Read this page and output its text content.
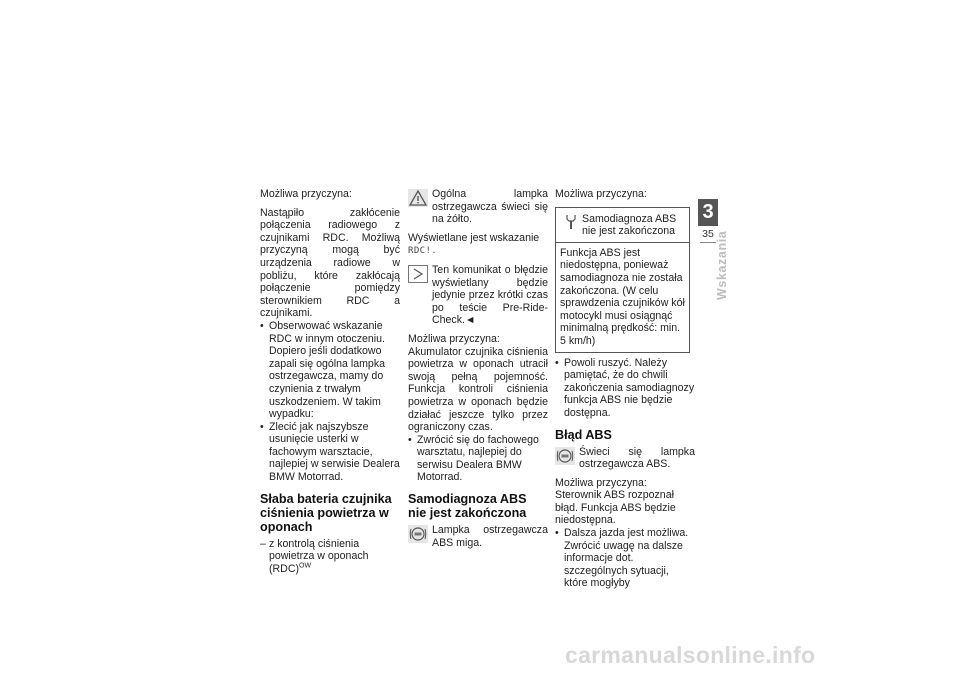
Możliwa przyczyna:

Nastąpiło zakłócenie połączenia radiowego z czujnikami RDC. Możliwą przyczyną mogą być urządzenia radiowe w pobliżu, które zakłócają połączenie pomiędzy sterownikiem RDC a czujnikami.

• Obserwować wskazanie RDC w innym otoczeniu. Dopiero jeśli dodatkowo zapali się ogólna lampka ostrzegawcza, mamy do czynienia z trwałym uszkodzeniem. W takim wypadku:
• Zlecić jak najszybsze usunięcie usterki w fachowym warsztacie, najlepiej w serwisie Dealera BMW Motorrad.
Słaba bateria czujnika ciśnienia powietrza w oponach
– z kontrolą ciśnienia powietrza w oponach (RDC)$^{OW}$

Ogólna lampka ostrzegawcza świeci się na żółto.

Wyświetlane jest wskazanie

RDC!.

Ten komunikat o błędzie wyświetlany będzie jedynie przez krótki czas po teście Pre-Ride-Check.◄

Możliwa przyczyna:

Akumulator czujnika ciśnienia powietrza w oponach utracił swoją pełną pojemność. Funkcja kontroli ciśnienia powietrza w oponach będzie działać jeszcze tylko przez ograniczony czas.

• Zwrócić się do fachowego warsztatu, najlepiej do serwisu Dealera BMW Motorrad.
Samodiagnoza ABS nie jest zakończona

Lampka ostrzegawcza ABS miga.

Możliwa przyczyna:

Samodiagnoza ABS nie jest zakończona

Funkcja ABS jest niedostępna, ponieważ samodiagnoza nie została zakończona. (W celu sprawdzenia czujników kół motocykl musi osiągnąć minimalną prędkość: min. 5 km/h)

• Powoli ruszyć. Należy pamiętać, że do chwili zakończenia samodiagnozy funkcja ABS nie będzie dostępna.
Błąd ABS

Świeci się lampka ostrzegawcza ABS.

Możliwa przyczyna:

Sterownik ABS rozpoznał błąd. Funkcja ABS będzie niedostępna.

• Dalsza jazda jest możliwa. Zwrócić uwagę na dalsze informacje dot. szczególnych sytuacji, które mogłyby
3
35 Wskazania
carmanualsonline.info
